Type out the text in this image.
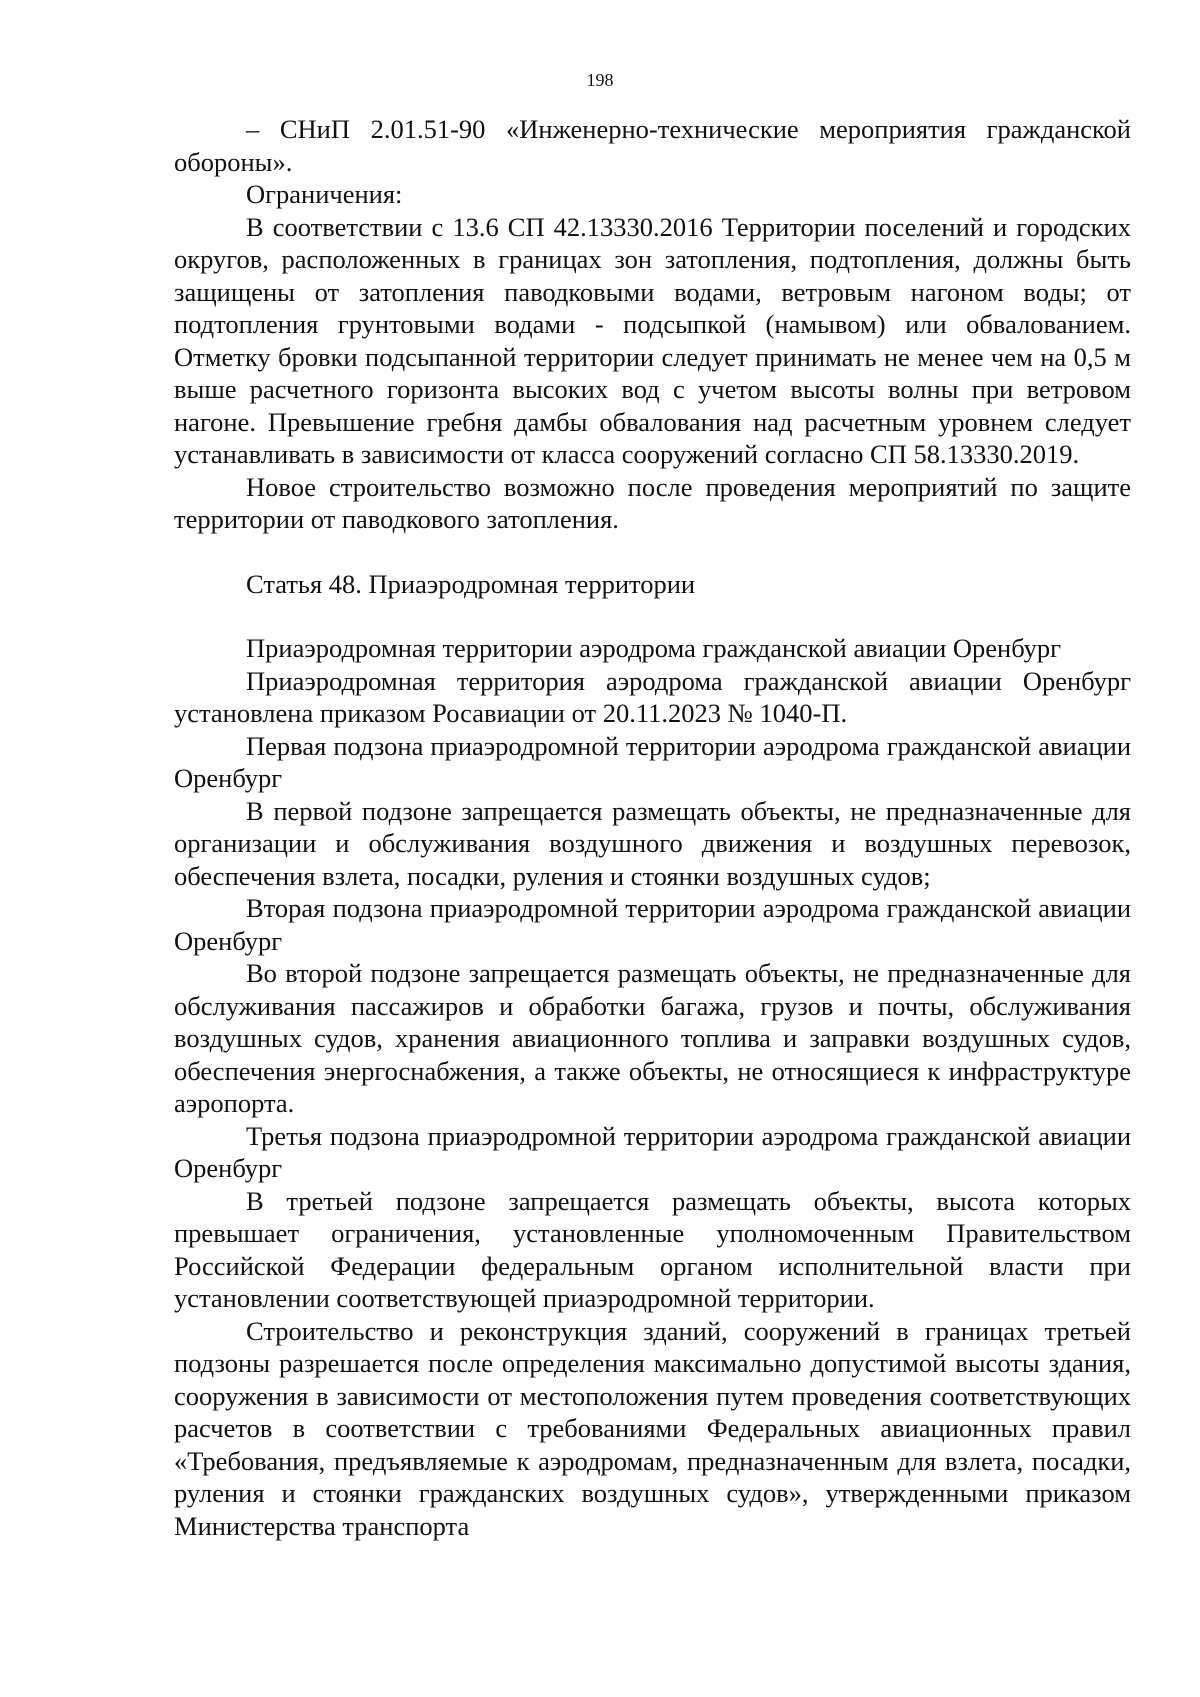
198

– СНиП 2.01.51-90 «Инженерно-технические мероприятия гражданской обороны».

Ограничения:

В соответствии с 13.6 СП 42.13330.2016 Территории поселений и городских округов, расположенных в границах зон затопления, подтопления, должны быть защищены от затопления паводковыми водами, ветровым нагоном воды; от подтопления грунтовыми водами - подсыпкой (намывом) или обвалованием. Отметку бровки подсыпанной территории следует принимать не менее чем на 0,5 м выше расчетного горизонта высоких вод с учетом высоты волны при ветровом нагоне. Превышение гребня дамбы обвалования над расчетным уровнем следует устанавливать в зависимости от класса сооружений согласно СП 58.13330.2019.

Новое строительство возможно после проведения мероприятий по защите территории от паводкового затопления.

Статья 48. Приаэродромная территории

Приаэродромная территории аэродрома гражданской авиации Оренбург

Приаэродромная территория аэродрома гражданской авиации Оренбург установлена приказом Росавиации от 20.11.2023 № 1040-П.

Первая подзона приаэродромной территории аэродрома гражданской авиации Оренбург

В первой подзоне запрещается размещать объекты, не предназначенные для организации и обслуживания воздушного движения и воздушных перевозок, обеспечения взлета, посадки, руления и стоянки воздушных судов;

Вторая подзона приаэродромной территории аэродрома гражданской авиации Оренбург

Во второй подзоне запрещается размещать объекты, не предназначенные для обслуживания пассажиров и обработки багажа, грузов и почты, обслуживания воздушных судов, хранения авиационного топлива и заправки воздушных судов, обеспечения энергоснабжения, а также объекты, не относящиеся к инфраструктуре аэропорта.

Третья подзона приаэродромной территории аэродрома гражданской авиации Оренбург

В третьей подзоне запрещается размещать объекты, высота которых превышает ограничения, установленные уполномоченным Правительством Российской Федерации федеральным органом исполнительной власти при установлении соответствующей приаэродромной территории.

Строительство и реконструкция зданий, сооружений в границах третьей подзоны разрешается после определения максимально допустимой высоты здания, сооружения в зависимости от местоположения путем проведения соответствующих расчетов в соответствии с требованиями Федеральных авиационных правил «Требования, предъявляемые к аэродромам, предназначенным для взлета, посадки, руления и стоянки гражданских воздушных судов», утвержденными приказом Министерства транспорта
